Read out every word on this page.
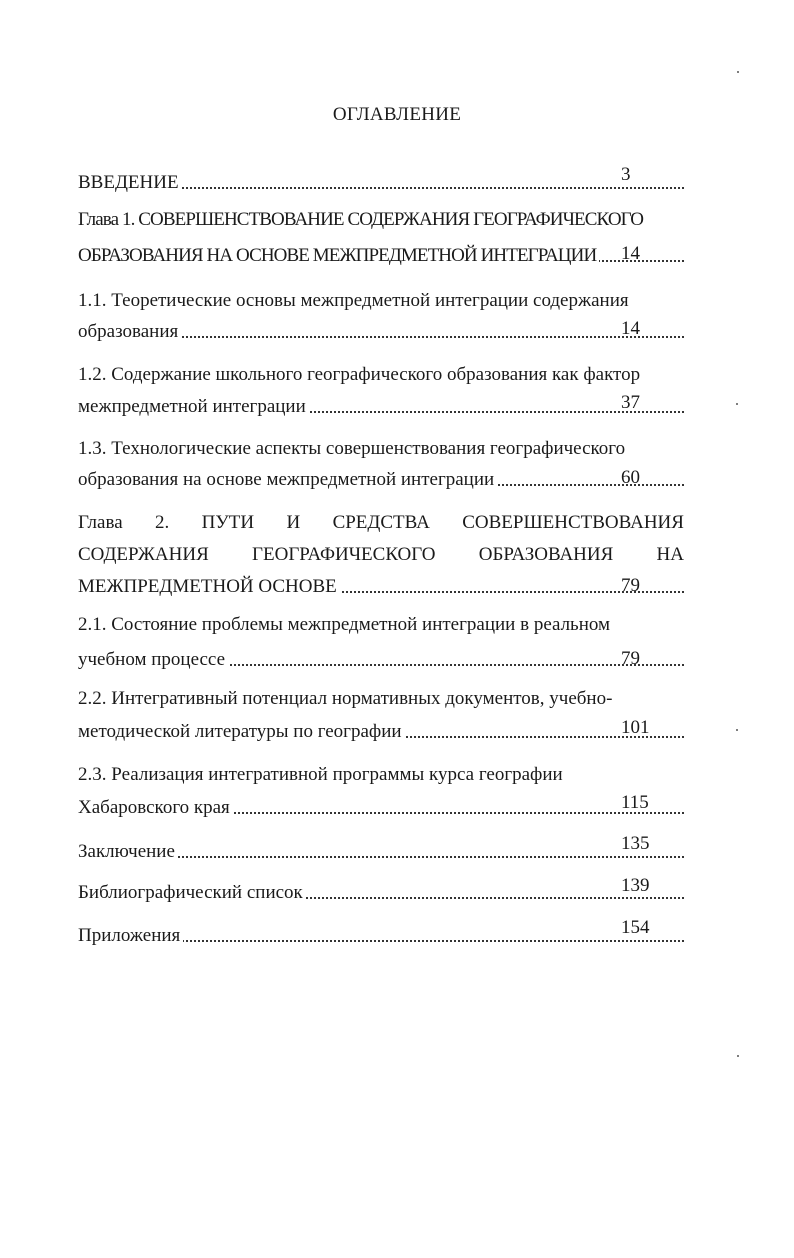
ОГЛАВЛЕНИЕ
ВВЕДЕНИЕ	3
Глава 1. СОВЕРШЕНСТВОВАНИЕ СОДЕРЖАНИЯ ГЕОГРАФИЧЕСКОГО
ОБРАЗОВАНИЯ НА ОСНОВЕ МЕЖПРЕДМЕТНОЙ ИНТЕГРАЦИИ	14
1.1. Теоретические основы межпредметной интеграции содержания
образования	14
1.2. Содержание школьного географического образования как фактор
межпредметной интеграции	37
1.3. Технологические аспекты совершенствования географического
образования на основе межпредметной интеграции	60
Глава 2. ПУТИ И СРЕДСТВА СОВЕРШЕНСТВОВАНИЯ
СОДЕРЖАНИЯ ГЕОГРАФИЧЕСКОГО ОБРАЗОВАНИЯ НА
МЕЖПРЕДМЕТНОЙ ОСНОВЕ	79
2.1. Состояние проблемы межпредметной интеграции в реальном
учебном процессе	79
2.2. Интегративный потенциал нормативных документов, учебно-
методической литературы по географии	101
2.3. Реализация интегративной программы курса географии
Хабаровского края	115
Заключение	135
Библиографический список	139
Приложения	154
